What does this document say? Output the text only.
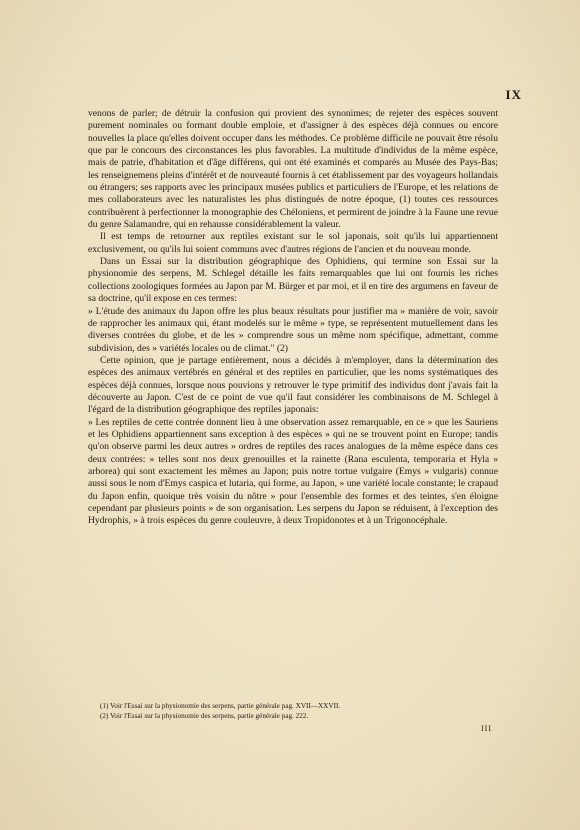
IX

venons de parler; de détruir la confusion qui provient des synonimes; de rejeter des espèces souvent purement nominales ou formant double emploie, et d'assigner à des espèces déjà connues ou encore nouvelles la place qu'elles doivent occuper dans les méthodes. Ce problème difficile ne pouvait être résolu que par le concours des circonstances les plus favorables. La multitude d'individus de la même espèce, mais de patrie, d'habitation et d'âge différens, qui ont été examinés et comparés au Musée des Pays-Bas; les renseignemens pleins d'intérêt et de nouveauté fournis à cet établissement par des voyageurs hollandais ou étrangers; ses rapports avec les principaux musées publics et particuliers de l'Europe, et les relations de mes collaborateurs avec les naturalistes les plus distingués de notre époque, (1) toutes ces ressources contribuèrent à perfectionner la monographie des Chéloniens, et permirent de joindre à la Faune une revue du genre Salamandre, qui en rehausse considérablement la valeur.

Il est temps de retourner aux reptiles existant sur le sol japonais, soit qu'ils lui appartiennent exclusivement, ou qu'ils lui soient communs avec d'autres régions de l'ancien et du nouveau monde.

Dans un Essai sur la distribution géographique des Ophidiens, qui termine son Essai sur la physionomie des serpens, M. Schlegel détaille les faits remarquables que lui ont fournis les riches collections zoologiques formées au Japon par M. Bürger et par moi, et il en tire des argumens en faveur de sa doctrine, qu'il expose en ces termes:

» L'étude des animaux du Japon offre les plus beaux résultats pour justifier ma » manière de voir, savoir de rapprocher les animaux qui, étant modelés sur le même » type, se représentent mutuellement dans les diverses contrées du globe, et de les » comprendre sous un même nom spécifique, admettant, comme subdivision, des » variétés locales ou de climat." (2)

Cette opinion, que je partage entièrement, nous a décidés à m'employer, dans la détermination des espèces des animaux vertébrés en général et des reptiles en particulier, que les noms systématiques des espèces déjà connues, lorsque nous pouvions y retrouver le type primitif des individus dont j'avais fait la découverte au Japon. C'est de ce point de vue qu'il faut considérer les combinaisons de M. Schlegel à l'égard de la distribution géographique des reptiles japonais:

» Les reptiles de cette contrée donnent lieu à une observation assez remarquable, en ce » que les Sauriens et les Ophidiens appartiennent sans exception à des espèces » qui ne se trouvent point en Europe; tandis qu'on observe parmi les deux autres » ordres de reptiles des races analogues de la même espèce dans ces deux contrées: » telles sont nos deux grenouilles et la rainette (Rana esculenta, temporaria et Hyla » arborea) qui sont exactement les mêmes au Japon; puis notre tortue vulgaire (Emys » vulgaris) connue aussi sous le nom d'Emys caspica et lutaria, qui forme, au Japon, » une variété locale constante; le crapaud du Japon enfin, quoique très voisin du nôtre » pour l'ensemble des formes et des teintes, s'en éloigne cependant par plusieurs points » de son organisation. Les serpens du Japon se réduisent, à l'exception des Hydrophis, » à trois espèces du genre couleuvre, à deux Tropidonotes et à un Trigonocéphale.

(1) Voir l'Essai sur la physionomie des serpens, partie générale pag. XVII—XXVII.
(2) Voir l'Essai sur la physionomie des serpens, partie générale pag. 222.
III
